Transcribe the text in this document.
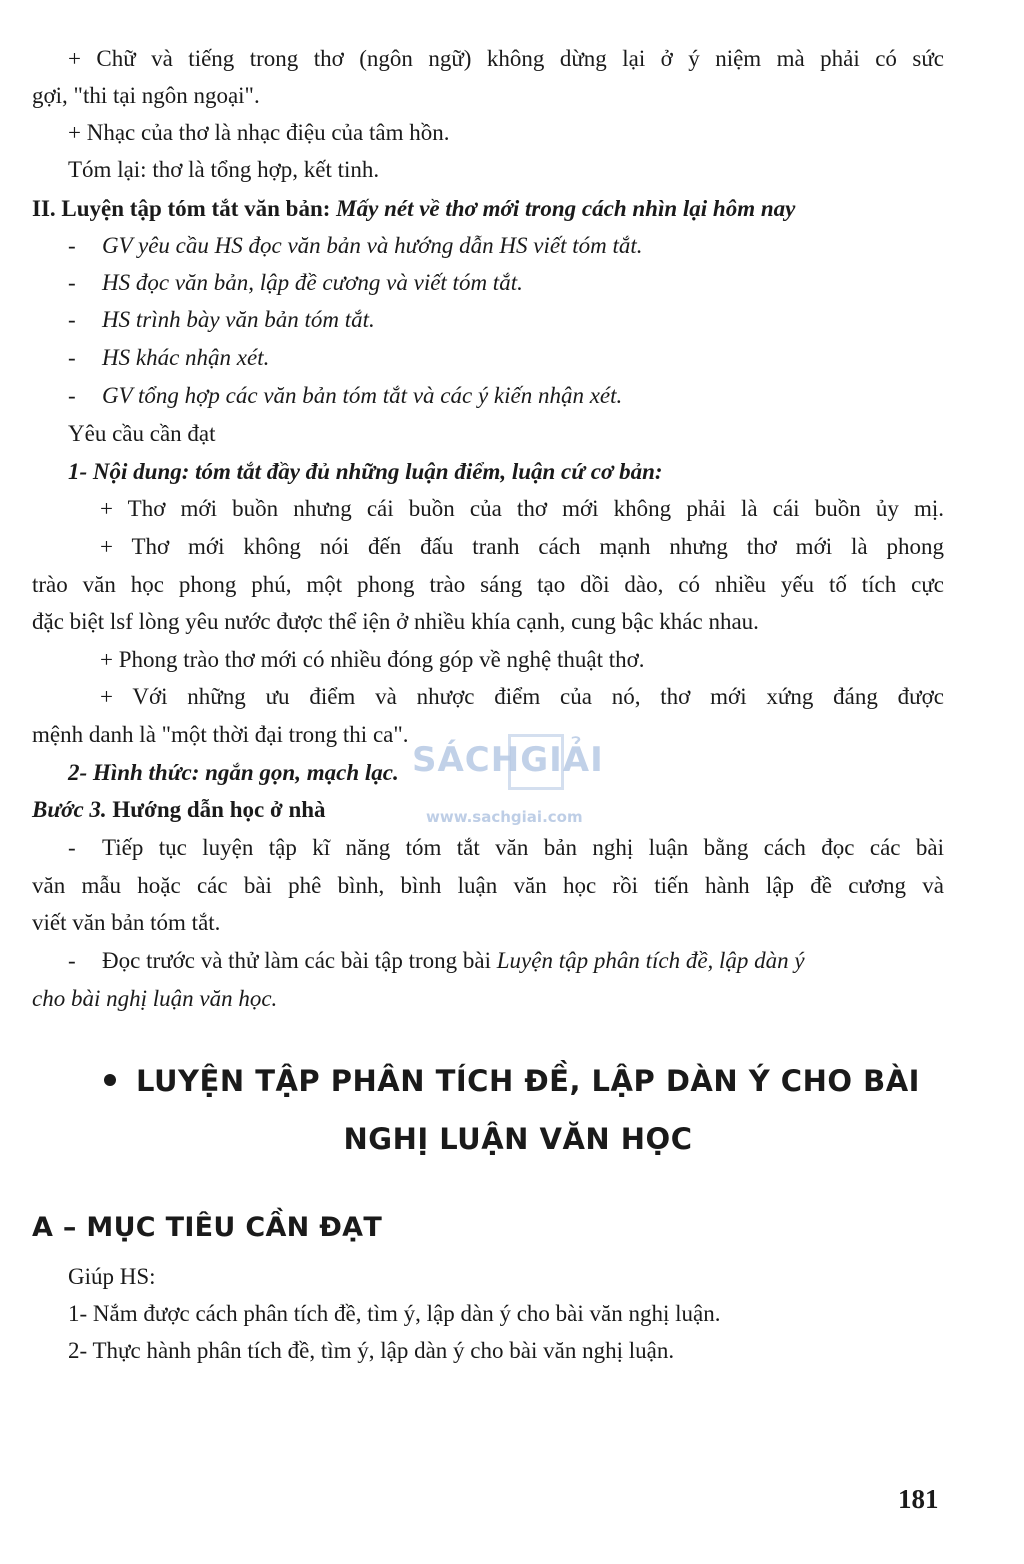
+ Chữ và tiếng trong thơ (ngôn ngữ) không dừng lại ở ý niệm mà phải có sức
gợi, "thi tại ngôn ngoại".
+ Nhạc của thơ là nhạc điệu của tâm hồn.
Tóm lại: thơ là tổng hợp, kết tinh.
II. Luyện tập tóm tắt văn bản: Mấy nét về thơ mới trong cách nhìn lại hôm nay
- GV yêu cầu HS đọc văn bản và hướng dẫn HS viết tóm tắt.
- HS đọc văn bản, lập đề cương và viết tóm tắt.
- HS trình bày văn bản tóm tắt.
- HS khác nhận xét.
- GV tổng hợp các văn bản tóm tắt và các ý kiến nhận xét.
Yêu cầu cần đạt
1- Nội dung: tóm tắt đầy đủ những luận điểm, luận cứ cơ bản:
+ Thơ mới buồn nhưng cái buồn của thơ mới không phải là cái buồn ủy mị.
+ Thơ mới không nói đến đấu tranh cách mạnh nhưng thơ mới là phong
trào văn học phong phú, một phong trào sáng tạo dồi dào, có nhiều yếu tố tích cực
đặc biệt lsf lòng yêu nước được thể iện ở nhiều khía cạnh, cung bậc khác nhau.
+ Phong trào thơ mới có nhiều đóng góp về nghệ thuật thơ.
+ Với những ưu điểm và nhược điểm của nó, thơ mới xứng đáng được
mệnh danh là "một thời đại trong thi ca".
2- Hình thức: ngắn gọn, mạch lạc.
Bước 3. Hướng dẫn học ở nhà
- Tiếp tục luyện tập kĩ năng tóm tắt văn bản nghị luận bằng cách đọc các bài
văn mẫu hoặc các bài phê bình, bình luận văn học rồi tiến hành lập đề cương và
viết văn bản tóm tắt.
- Đọc trước và thử làm các bài tập trong bài Luyện tập phân tích đề, lập dàn ý
cho bài nghị luận văn học.
SÁCHGIẢI
www.sachgiai.com
LUYỆN TẬP PHÂN TÍCH ĐỀ, LẬP DÀN Ý CHO BÀI
NGHỊ LUẬN VĂN HỌC
A – MỤC TIÊU CẦN ĐẠT
Giúp HS:
1- Nắm được cách phân tích đề, tìm ý, lập dàn ý cho bài văn nghị luận.
2- Thực hành phân tích đề, tìm ý, lập dàn ý cho bài văn nghị luận.
181
